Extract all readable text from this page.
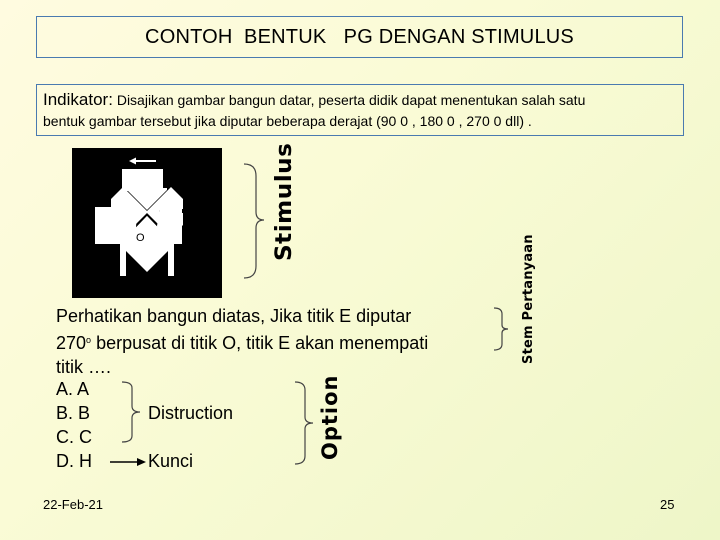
CONTOH  BENTUK   PG DENGAN STIMULUS
Indikator: Disajikan gambar bangun datar, peserta didik dapat menentukan salah satu
bentuk gambar tersebut jika diputar beberapa derajat (90 0 , 180 0 , 270 0 dll) .
O	Stimulus
Stem Pertanyaan
Option

Perhatikan bangun diatas, Jika titik E diputar

270$^o$ berpusat di titik O, titik E akan menempati

titik ….

A. A
B. B
C. C
D. H
Distruction
Kunci
22-Feb-21	25
